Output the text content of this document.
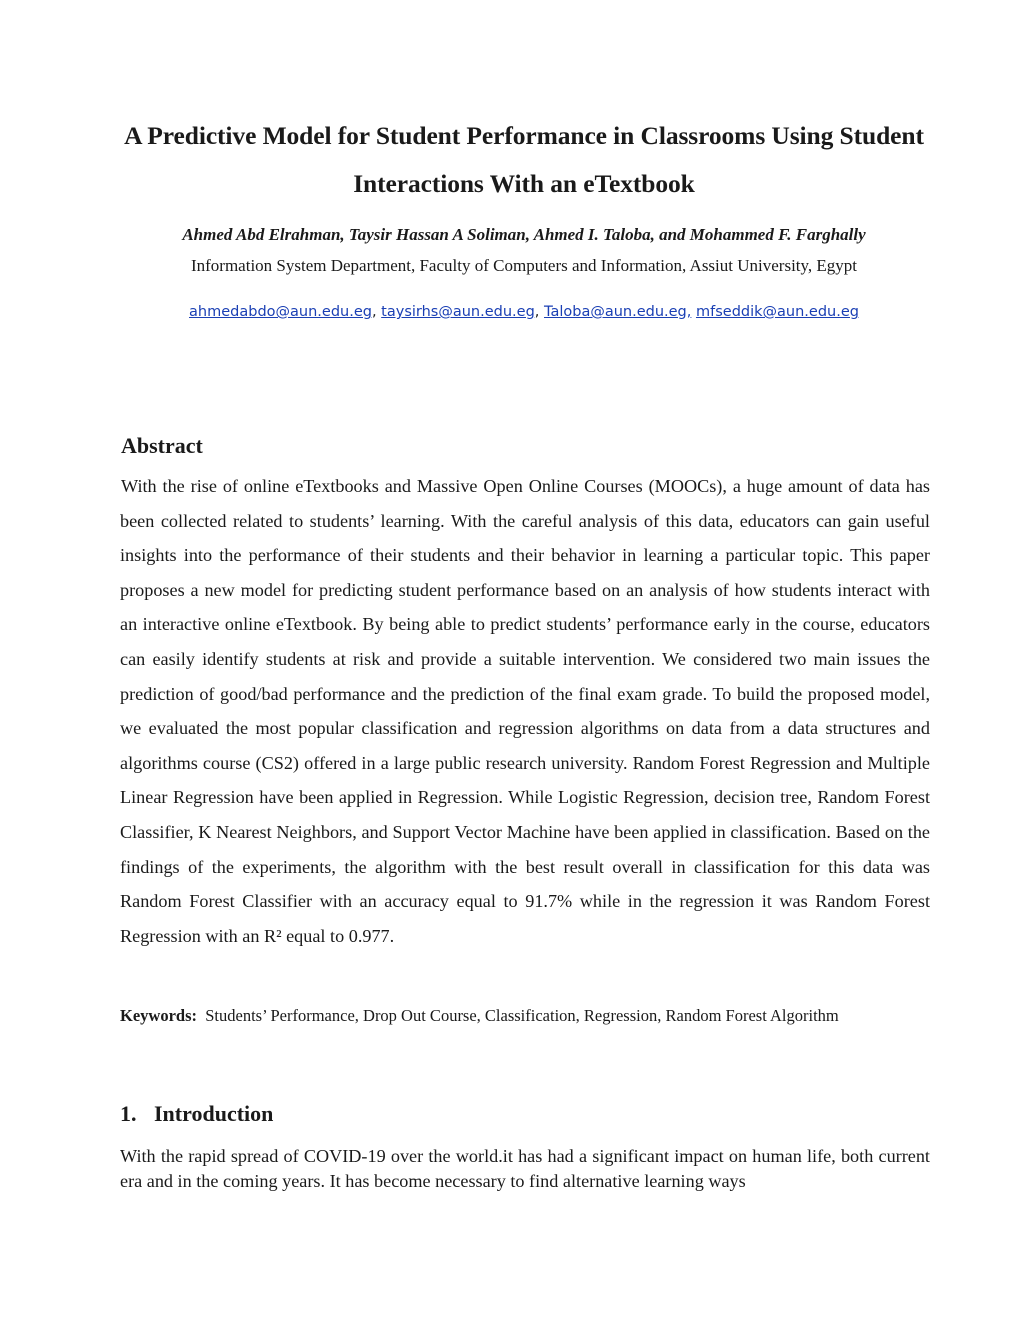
A Predictive Model for Student Performance in Classrooms Using Student Interactions With an eTextbook
Ahmed Abd Elrahman, Taysir Hassan A Soliman, Ahmed I. Taloba, and Mohammed F. Farghally
Information System Department, Faculty of Computers and Information, Assiut University, Egypt
ahmedabdo@aun.edu.eg, taysirhs@aun.edu.eg, Taloba@aun.edu.eg, mfseddik@aun.edu.eg
Abstract

With the rise of online eTextbooks and Massive Open Online Courses (MOOCs), a huge amount of data has been collected related to students’ learning. With the careful analysis of this data, educators can gain useful insights into the performance of their students and their behavior in learning a particular topic. This paper proposes a new model for predicting student performance based on an analysis of how students interact with an interactive online eTextbook. By being able to predict students’ performance early in the course, educators can easily identify students at risk and provide a suitable intervention. We considered two main issues the prediction of good/bad performance and the prediction of the final exam grade. To build the proposed model, we evaluated the most popular classification and regression algorithms on data from a data structures and algorithms course (CS2) offered in a large public research university. Random Forest Regression and Multiple Linear Regression have been applied in Regression. While Logistic Regression, decision tree, Random Forest Classifier, K Nearest Neighbors, and Support Vector Machine have been applied in classification. Based on the findings of the experiments, the algorithm with the best result overall in classification for this data was Random Forest Classifier with an accuracy equal to 91.7% while in the regression it was Random Forest Regression with an R² equal to 0.977.

Keywords: Students’ Performance, Drop Out Course, Classification, Regression, Random Forest Algorithm

1. Introduction

With the rapid spread of COVID-19 over the world.it has had a significant impact on human life, both current era and in the coming years. It has become necessary to find alternative learning ways
